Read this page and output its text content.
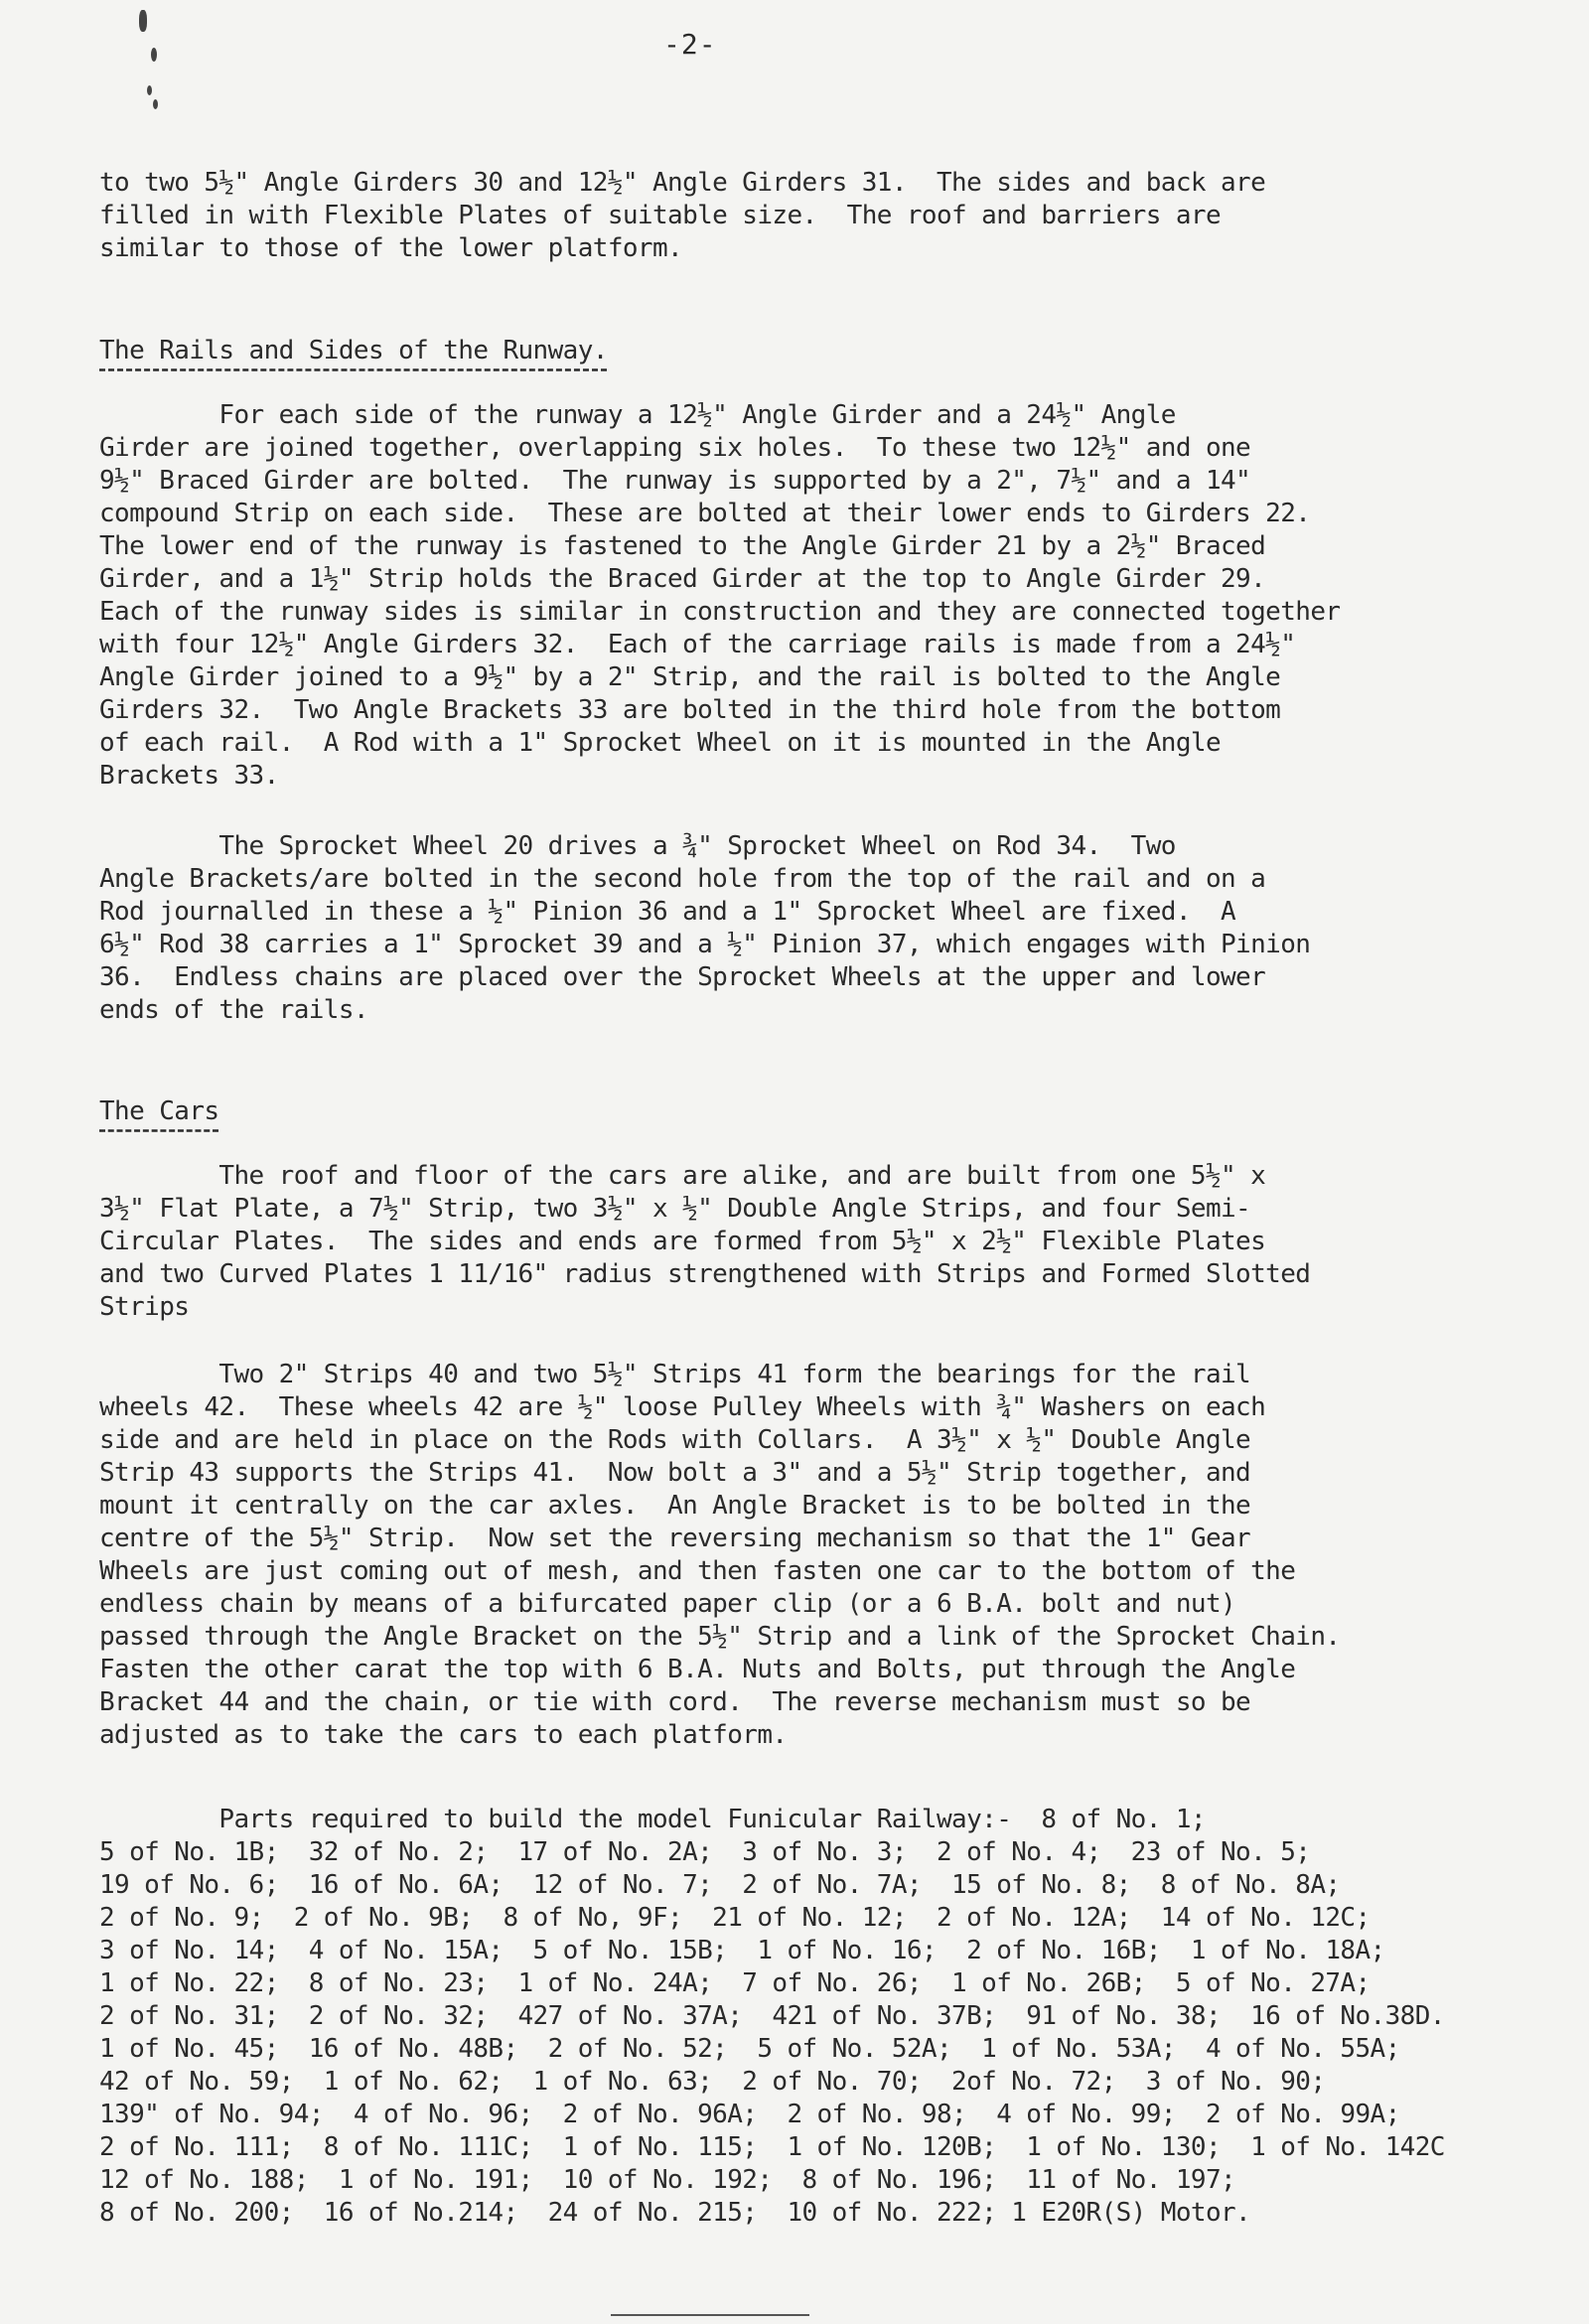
-2-
to two 5½" Angle Girders 30 and 12½" Angle Girders 31.  The sides and back are
filled in with Flexible Plates of suitable size.  The roof and barriers are
similar to those of the lower platform.
The Rails and Sides of the Runway.
For each side of the runway a 12½" Angle Girder and a 24½" Angle
Girder are joined together, overlapping six holes.  To these two 12½" and one
9½" Braced Girder are bolted.  The runway is supported by a 2", 7½" and a 14"
compound Strip on each side.  These are bolted at their lower ends to Girders 22.
The lower end of the runway is fastened to the Angle Girder 21 by a 2½" Braced
Girder, and a 1½" Strip holds the Braced Girder at the top to Angle Girder 29.
Each of the runway sides is similar in construction and they are connected together
with four 12½" Angle Girders 32.  Each of the carriage rails is made from a 24½"
Angle Girder joined to a 9½" by a 2" Strip, and the rail is bolted to the Angle
Girders 32.  Two Angle Brackets 33 are bolted in the third hole from the bottom
of each rail.  A Rod with a 1" Sprocket Wheel on it is mounted in the Angle
Brackets 33.
The Sprocket Wheel 20 drives a ¾" Sprocket Wheel on Rod 34.  Two
Angle Brackets/are bolted in the second hole from the top of the rail and on a
Rod journalled in these a ½" Pinion 36 and a 1" Sprocket Wheel are fixed.  A
6½" Rod 38 carries a 1" Sprocket 39 and a ½" Pinion 37, which engages with Pinion
36.  Endless chains are placed over the Sprocket Wheels at the upper and lower
ends of the rails.
The Cars
The roof and floor of the cars are alike, and are built from one 5½" x
3½" Flat Plate, a 7½" Strip, two 3½" x ½" Double Angle Strips, and four Semi-
Circular Plates.  The sides and ends are formed from 5½" x 2½" Flexible Plates
and two Curved Plates 1 11/16" radius strengthened with Strips and Formed Slotted
Strips
Two 2" Strips 40 and two 5½" Strips 41 form the bearings for the rail
wheels 42.  These wheels 42 are ½" loose Pulley Wheels with ¾" Washers on each
side and are held in place on the Rods with Collars.  A 3½" x ½" Double Angle
Strip 43 supports the Strips 41.  Now bolt a 3" and a 5½" Strip together, and
mount it centrally on the car axles.  An Angle Bracket is to be bolted in the
centre of the 5½" Strip.  Now set the reversing mechanism so that the 1" Gear
Wheels are just coming out of mesh, and then fasten one car to the bottom of the
endless chain by means of a bifurcated paper clip (or a 6 B.A. bolt and nut)
passed through the Angle Bracket on the 5½" Strip and a link of the Sprocket Chain.
Fasten the other carat the top with 6 B.A. Nuts and Bolts, put through the Angle
Bracket 44 and the chain, or tie with cord.  The reverse mechanism must so be
adjusted as to take the cars to each platform.
Parts required to build the model Funicular Railway:-  8 of No. 1;
5 of No. 1B;  32 of No. 2;  17 of No. 2A;  3 of No. 3;  2 of No. 4;  23 of No. 5;
19 of No. 6;  16 of No. 6A;  12 of No. 7;  2 of No. 7A;  15 of No. 8;  8 of No. 8A;
2 of No. 9;  2 of No. 9B;  8 of No, 9F;  21 of No. 12;  2 of No. 12A;  14 of No. 12C;
3 of No. 14;  4 of No. 15A;  5 of No. 15B;  1 of No. 16;  2 of No. 16B;  1 of No. 18A;
1 of No. 22;  8 of No. 23;  1 of No. 24A;  7 of No. 26;  1 of No. 26B;  5 of No. 27A;
2 of No. 31;  2 of No. 32;  427 of No. 37A;  421 of No. 37B;  91 of No. 38;  16 of No.38D.
1 of No. 45;  16 of No. 48B;  2 of No. 52;  5 of No. 52A;  1 of No. 53A;  4 of No. 55A;
42 of No. 59;  1 of No. 62;  1 of No. 63;  2 of No. 70;  2of No. 72;  3 of No. 90;
139" of No. 94;  4 of No. 96;  2 of No. 96A;  2 of No. 98;  4 of No. 99;  2 of No. 99A;
2 of No. 111;  8 of No. 111C;  1 of No. 115;  1 of No. 120B;  1 of No. 130;  1 of No. 142C
12 of No. 188;  1 of No. 191;  10 of No. 192;  8 of No. 196;  11 of No. 197;
8 of No. 200;  16 of No.214;  24 of No. 215;  10 of No. 222; 1 E20R(S) Motor.
